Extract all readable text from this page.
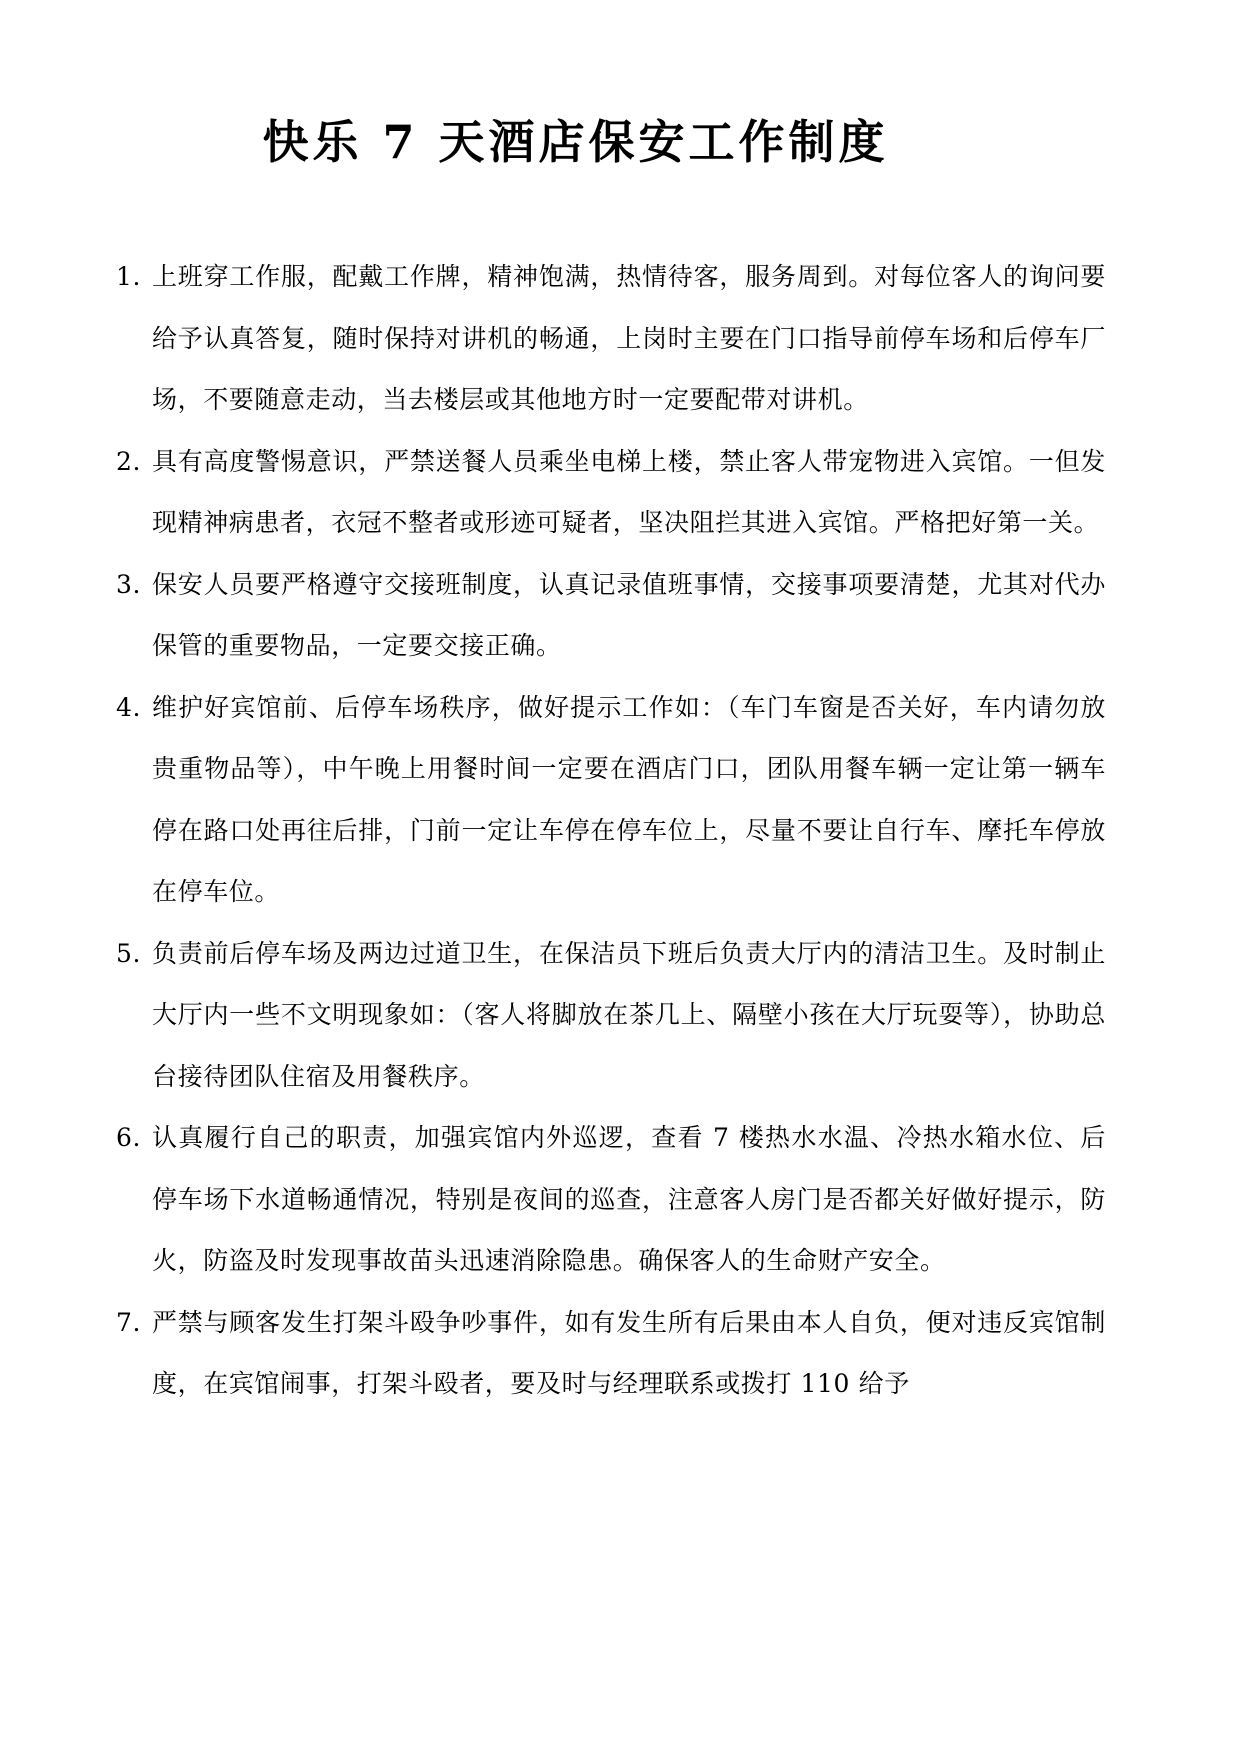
快乐 7 天酒店保安工作制度
1. 上班穿工作服，配戴工作牌，精神饱满，热情待客，服务周到。对每位客人的询问要给予认真答复，随时保持对讲机的畅通，上岗时主要在门口指导前停车场和后停车厂场，不要随意走动，当去楼层或其他地方时一定要配带对讲机。
2. 具有高度警惕意识，严禁送餐人员乘坐电梯上楼，禁止客人带宠物进入宾馆。一但发现精神病患者，衣冠不整者或形迹可疑者，坚决阻拦其进入宾馆。严格把好第一关。
3. 保安人员要严格遵守交接班制度，认真记录值班事情，交接事项要清楚，尤其对代办保管的重要物品，一定要交接正确。
4. 维护好宾馆前、后停车场秩序，做好提示工作如：（车门车窗是否关好，车内请勿放贵重物品等），中午晚上用餐时间一定要在酒店门口，团队用餐车辆一定让第一辆车停在路口处再往后排，门前一定让车停在停车位上，尽量不要让自行车、摩托车停放在停车位。
5. 负责前后停车场及两边过道卫生，在保洁员下班后负责大厅内的清洁卫生。及时制止大厅内一些不文明现象如：（客人将脚放在茶几上、隔壁小孩在大厅玩耍等），协助总台接待团队住宿及用餐秩序。
6. 认真履行自己的职责，加强宾馆内外巡逻，查看 7 楼热水水温、冷热水箱水位、后停车场下水道畅通情况，特别是夜间的巡查，注意客人房门是否都关好做好提示，防火，防盗及时发现事故苗头迅速消除隐患。确保客人的生命财产安全。
7. 严禁与顾客发生打架斗殴争吵事件，如有发生所有后果由本人自负，便对违反宾馆制度，在宾馆闹事，打架斗殴者，要及时与经理联系或拨打 110 给予
